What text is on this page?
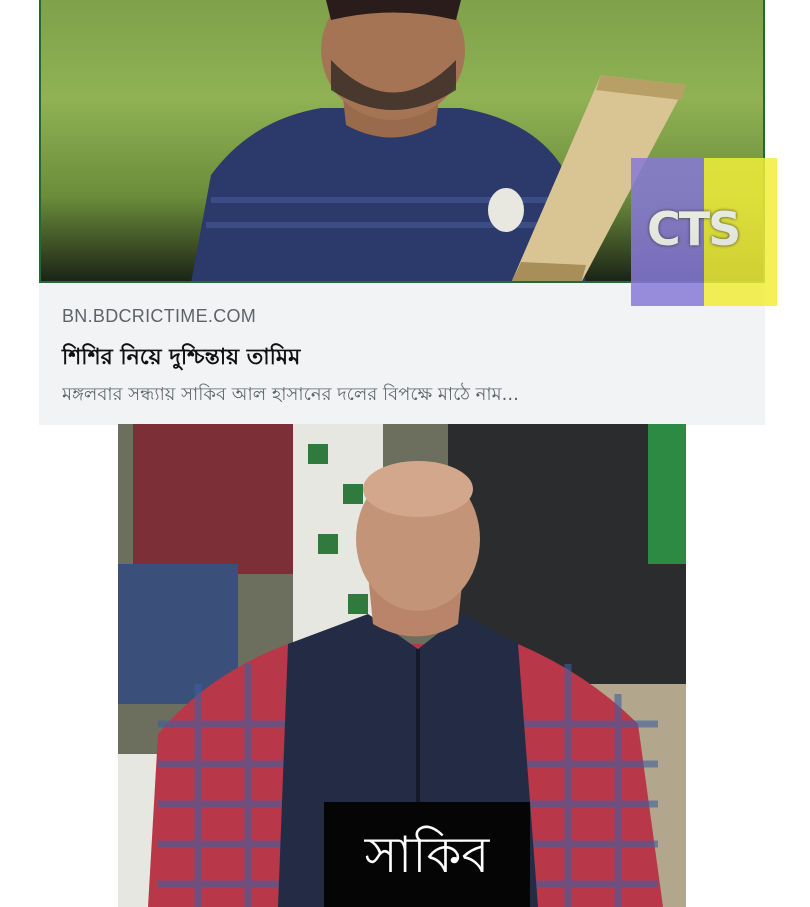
CTS
BN.BDCRICTIME.COM
শিশির নিয়ে দুশ্চিন্তায় তামিম
মঙ্গলবার সন্ধ্যায় সাকিব আল হাসানের দলের বিপক্ষে মাঠে নাম...
সাকিব
